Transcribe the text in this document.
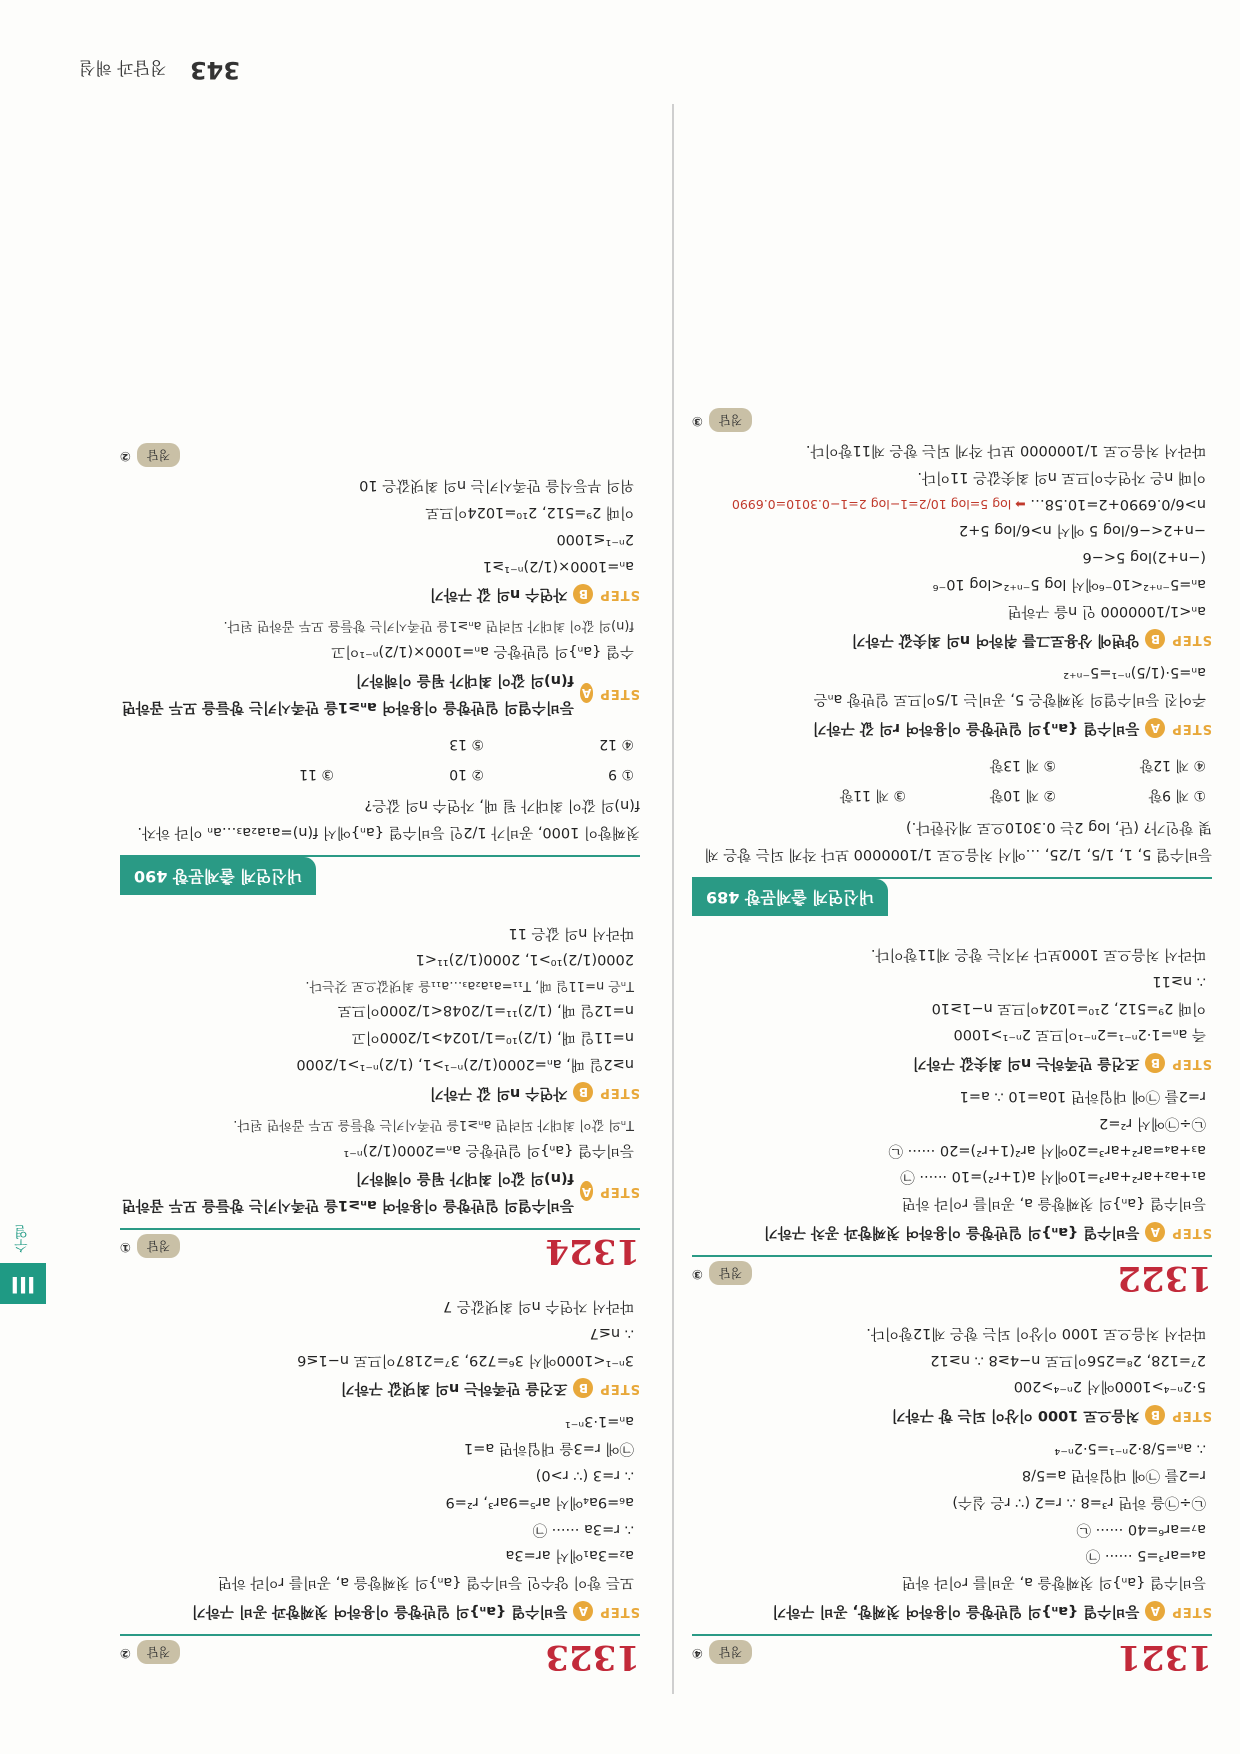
343 정답과 해설
III
수열
1321
정답
④
STEP
A
등비수열 {aₙ}의 일반항을 이용하여 첫째항, 공비 구하기
등비수열 {aₙ}의 첫째항을 a, 공비를 r이라 하면
a₄=ar³=5 ······ ㉠
a₇=ar⁶=40 ······ ㉡
㉡÷㉠을 하면 r³=8 ∴ r=2 (∵ r은 실수)
r=2를 ㉠에 대입하면 a=5/8
∴ aₙ=5/8·2ⁿ⁻¹=5·2ⁿ⁻⁴
STEP
B
처음으로 1000 이상이 되는 항 구하기
5·2ⁿ⁻⁴>1000에서 2ⁿ⁻⁴>200
2⁷=128, 2⁸=256이므로 n−4≥8 ∴ n≥12
따라서 처음으로 1000 이상이 되는 항은 제12항이다.
1322
정답
③
STEP
A
등비수열 {aₙ}의 일반항을 이용하여 첫째항과 공차 구하기
등비수열 {aₙ}의 첫째항을 a, 공비를 r이라 하면
a₁+a₂+ar²+ar³=10에서 a(1+r²)=10 ······ ㉠
a₃+a₄=ar²+ar³=20에서 ar²(1+r²)=20 ······ ㉡
㉡÷㉠에서 r²=2
r=2를 ㉠에 대입하면 10a=10 ∴ a=1
STEP
B
조건을 만족하는 n의 최솟값 구하기
즉 aₙ=1·2ⁿ⁻¹=2ⁿ⁻¹이므로 2ⁿ⁻¹>1000
이때 2⁹=512, 2¹⁰=1024이므로 n−1≥10
∴ n≥11
따라서 처음으로 1000보다 커지는 항은 제11항이다.
내신연계 출제문항 489
등비수열 5, 1, 1/5, 1/25, …에서 처음으로 1/1000000 보다 작게 되는 항은 제 몇 항인가? (단, log 2는 0.3010으로 계산한다.)
① 제 9항
② 제 10항
③ 제 11항
④ 제 12항
⑤ 제 13항
STEP
A
등비수열 {aₙ}의 일반항을 이용하여 r의 값 구하기
주어진 등비수열의 첫째항은 5, 공비는 1/5이므로 일반항 aₙ은
aₙ=5·(1/5)ⁿ⁻¹=5⁻ⁿ⁺²
STEP
B
양변에 상용로그를 취하여 n의 최솟값 구하기
aₙ<1/1000000 인 n을 구하면
aₙ=5⁻ⁿ⁺²<10⁻⁶에서 log 5⁻ⁿ⁺²<log 10⁻⁶
(−n+2)log 5<−6
−n+2<−6/log 5 에서 n>6/log 5+2
n>6/0.6990+2=10.58… ➡ log 5=log 10/2=1−log 2=1−0.3010=0.6990
이때 n은 자연수이므로 n의 최솟값은 11이다.
따라서 처음으로 1/1000000 보다 작게 되는 항은 제11항이다.
정답
③
1323
정답
②
STEP
A
등비수열 {aₙ}의 일반항을 이용하여 첫째항과 공비 구하기
모든 항이 양수인 등비수열 {aₙ}의 첫째항을 a, 공비를 r이라 하면
a₂=3a₁에서 ar=3a
∴ r=3a ······ ㉠
a₆=9a₄에서 ar⁵=9ar³, r²=9
∴ r=3 (∵ r>0)
㉠에 r=3을 대입하면 a=1
aₙ=1·3ⁿ⁻¹
STEP
B
조건을 만족하는 n의 최댓값 구하기
3ⁿ⁻¹<1000에서 3⁶=729, 3⁷=2187이므로 n−1≤6
∴ n≤7
따라서 자연수 n의 최댓값은 7
1324
정답
①
STEP
A
등비수열의 일반항을 이용하여 aₙ≥1을 만족시키는 항들을 모두 곱하면 f(n)의 값이 최대가 됨을 이해하기
등비수열 {aₙ}의 일반항은 aₙ=2000(1/2)ⁿ⁻¹
Tₙ의 값이 최대가 되려면 aₙ≥1을 만족시키는 항들을 모두 곱하면 된다.
STEP
B
자연수 n의 값 구하기
n≥2일 때, aₙ=2000(1/2)ⁿ⁻¹>1, (1/2)ⁿ⁻¹>1/2000
n=11일 때, (1/2)¹⁰=1/1024>1/2000이고
n=12일 때, (1/2)¹¹=1/2048<1/2000이므로
Tₙ은 n=11일 때, T₁₁=a₁a₂a₃…a₁₁을 최댓값으로 갖는다.
2000(1/2)¹⁰>1, 2000(1/2)¹¹<1
따라서 n의 값은 11
내신연계 출제문항 490
첫째항이 1000, 공비가 1/2인 등비수열 {aₙ}에서 f(n)=a₁a₂a₃…aₙ 이라 하자. f(n)의 값이 최대가 될 때, 자연수 n의 값은?
① 9
② 10
③ 11
④ 12
⑤ 13
STEP
A
등비수열의 일반항을 이용하여 aₙ≥1을 만족시키는 항들을 모두 곱하면 f(n)의 값이 최대가 됨을 이해하기
수열 {aₙ}의 일반항은 aₙ=1000×(1/2)ⁿ⁻¹이고
f(n)의 값이 최대가 되려면 aₙ≥1을 만족시키는 항들을 모두 곱하면 된다.
STEP
B
자연수 n의 값 구하기
aₙ=1000×(1/2)ⁿ⁻¹≥1
2ⁿ⁻¹≤1000
이때 2⁹=512, 2¹⁰=1024이므로
위의 부등식을 만족시키는 n의 최댓값은 10
정답
②
